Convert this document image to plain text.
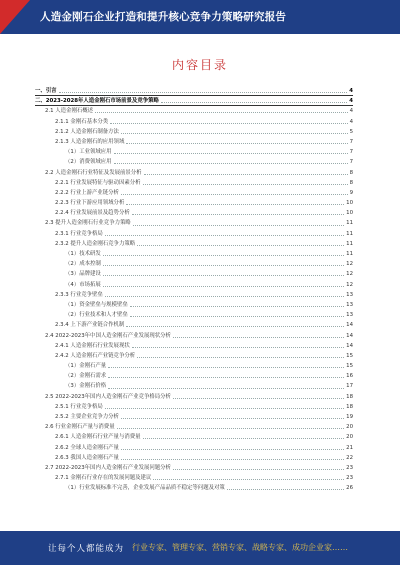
人造金刚石企业打造和提升核心竞争力策略研究报告
内容目录
一、引言	4
二、2023-2028年人造金刚石市场前景及竞争策略	4
2.1 人造金刚石概述	4
2.1.1 金刚石基本分类	4
2.1.2 人造金刚石制备方法	5
2.1.3 人造金刚石的应用领域	7
（1）工业领域应用	7
（2）消费领域应用	7
2.2 人造金刚石行业特征及发展前景分析	8
2.2.1 行业发展特征与驱动因素分析	8
2.2.2 行业上游产业链分析	9
2.2.3 行业下游应用领域分析	10
2.2.4 行业发展前景及趋势分析	10
2.3 提升人造金刚石行业竞争力策略	11
2.3.1 行业竞争格局	11
2.3.2 提升人造金刚石竞争力策略	11
（1）技术研发	11
（2）成本控制	12
（3）品牌建设	12
（4）市场拓展	12
2.3.3 行业竞争壁垒	13
（1）资金壁垒与规模壁垒	13
（2）行业技术和人才壁垒	13
2.3.4 上下游产业链合作机制	14
2.4 2022-2023年中国人造金刚石产业发展现状分析	14
2.4.1 人造金刚石行业发展现状	14
2.4.2 人造金刚石产业链竞争分析	15
（1）金刚石产量	15
（2）金刚石需求	16
（3）金刚石价格	17
2.5 2022-2023年国内人造金刚石产业竞争格局分析	18
2.5.1 行业竞争格局	18
2.5.2 主要企业竞争力分析	19
2.6 行业金刚石产量与消费量	20
2.6.1 人造金刚石行业产量与消费量	20
2.6.2 全球人造金刚石产量	21
2.6.3 我国人造金刚石产量	22
2.7 2022-2023年国内人造金刚石产业发展问题分析	23
2.7.1 金刚石行业存在的发展问题及建议	23
（1）行业发展标准不完善，企业发展产品品质不稳定等问题及对策	26
让每个人都能成为 行业专家、管理专家、营销专家、战略专家、成功企业家……
